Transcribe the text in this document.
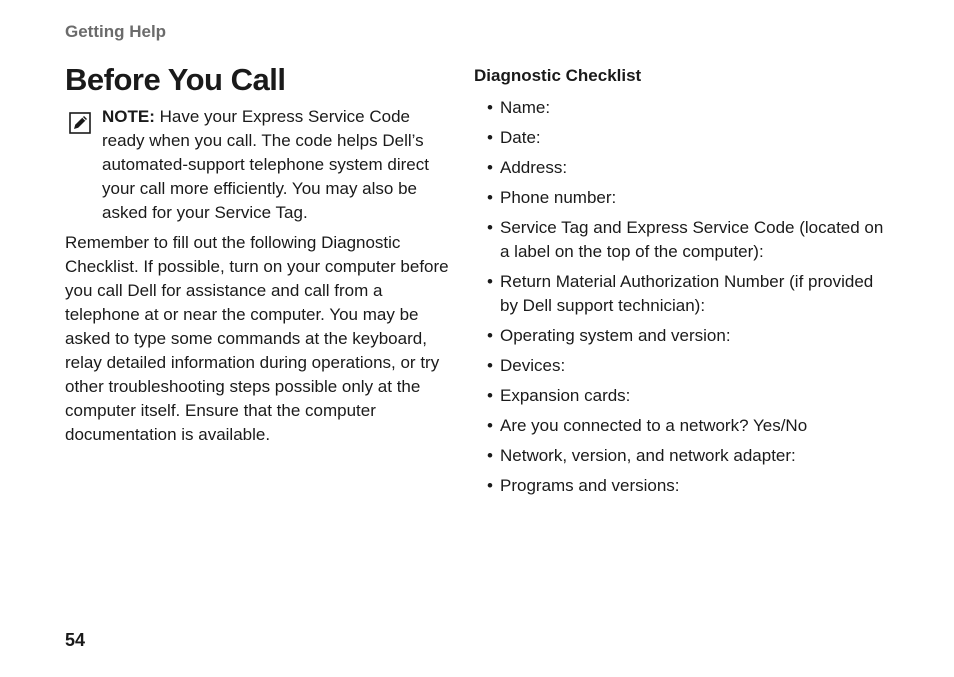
Getting Help
Before You Call

NOTE: Have your Express Service Code ready when you call. The code helps Dell’s automated-support telephone system direct your call more efficiently. You may also be asked for your Service Tag.

Remember to fill out the following Diagnostic Checklist. If possible, turn on your computer before you call Dell for assistance and call from a telephone at or near the computer. You may be asked to type some commands at the keyboard, relay detailed information during operations, or try other troubleshooting steps possible only at the computer itself. Ensure that the computer documentation is available.

Diagnostic Checklist
• Name:
• Date:
• Address:
• Phone number:
• Service Tag and Express Service Code (located on a label on the top of the computer):
• Return Material Authorization Number (if provided by Dell support technician):
• Operating system and version:
• Devices:
• Expansion cards:
• Are you connected to a network? Yes/No
• Network, version, and network adapter:
• Programs and versions:
54
